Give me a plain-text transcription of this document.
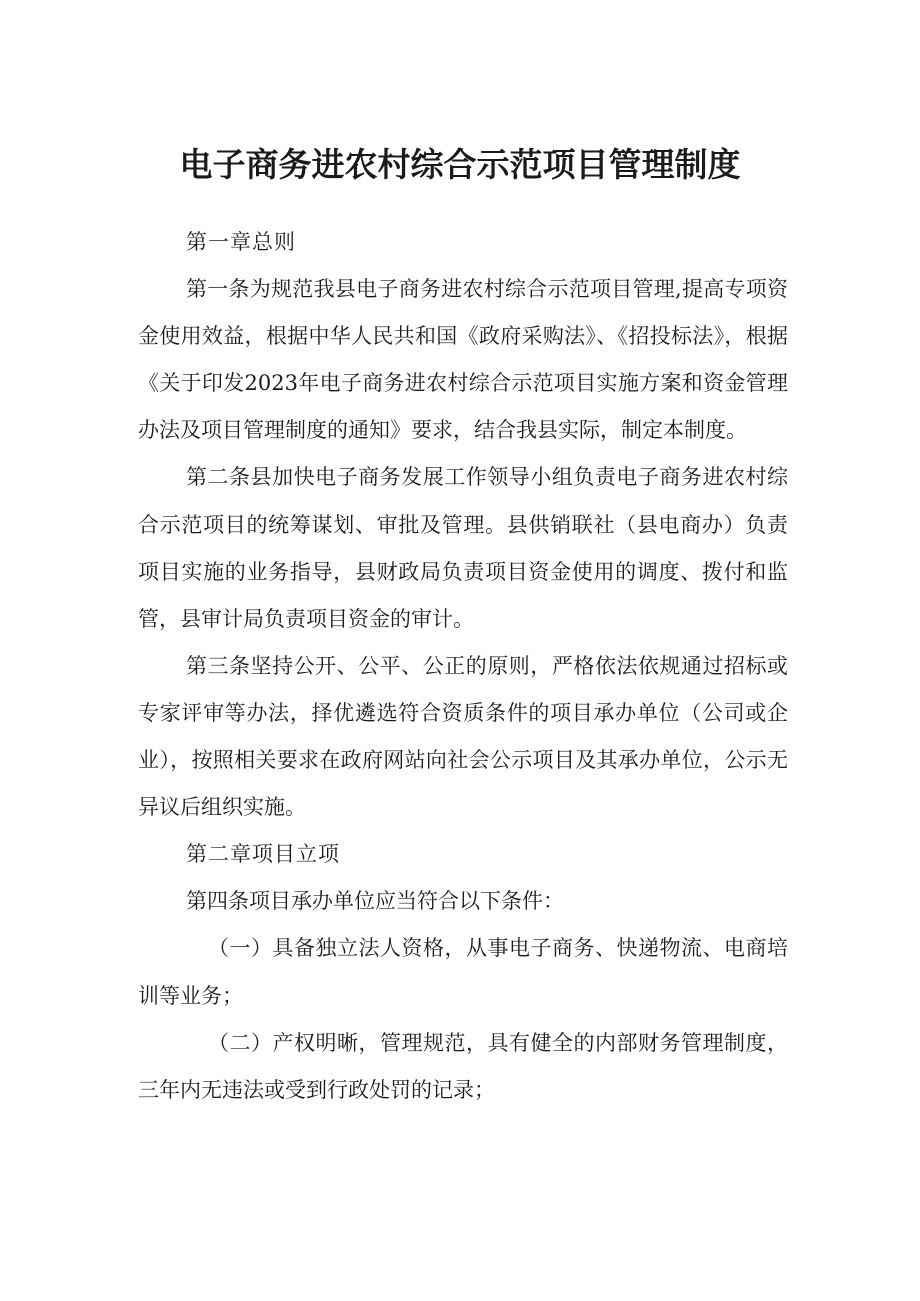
电子商务进农村综合示范项目管理制度

第一章总则

第一条为规范我县电子商务进农村综合示范项目管理,提高专项资金使用效益，根据中华人民共和国《政府采购法》、《招投标法》，根据《关于印发2023年电子商务进农村综合示范项目实施方案和资金管理办法及项目管理制度的通知》要求，结合我县实际，制定本制度。

第二条县加快电子商务发展工作领导小组负责电子商务进农村综合示范项目的统筹谋划、审批及管理。县供销联社（县电商办）负责项目实施的业务指导，县财政局负责项目资金使用的调度、拨付和监管，县审计局负责项目资金的审计。

第三条坚持公开、公平、公正的原则，严格依法依规通过招标或专家评审等办法，择优遴选符合资质条件的项目承办单位（公司或企业），按照相关要求在政府网站向社会公示项目及其承办单位，公示无异议后组织实施。

第二章项目立项

第四条项目承办单位应当符合以下条件：

（一）具备独立法人资格，从事电子商务、快递物流、电商培训等业务；

（二）产权明晰，管理规范，具有健全的内部财务管理制度，三年内无违法或受到行政处罚的记录；
